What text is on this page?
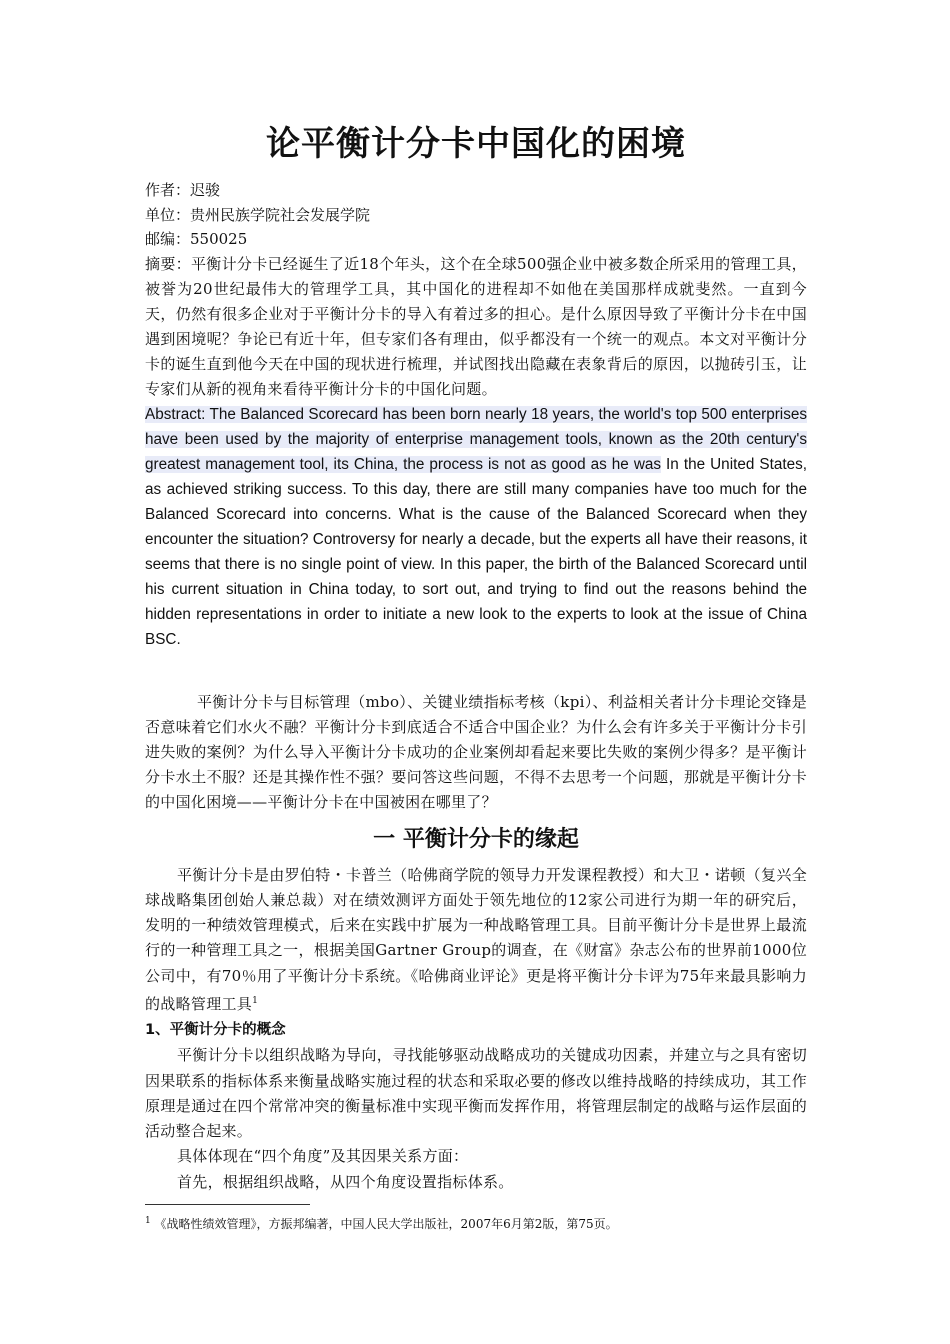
论平衡计分卡中国化的困境

作者：迟骏

单位：贵州民族学院社会发展学院

邮编：550025

摘要：平衡计分卡已经诞生了近18个年头，这个在全球500强企业中被多数企所采用的管理工具，被誉为20世纪最伟大的管理学工具，其中国化的进程却不如他在美国那样成就斐然。一直到今天，仍然有很多企业对于平衡计分卡的导入有着过多的担心。是什么原因导致了平衡计分卡在中国遇到困境呢？争论已有近十年，但专家们各有理由，似乎都没有一个统一的观点。本文对平衡计分卡的诞生直到他今天在中国的现状进行梳理，并试图找出隐藏在表象背后的原因，以抛砖引玉，让专家们从新的视角来看待平衡计分卡的中国化问题。

Abstract: The Balanced Scorecard has been born nearly 18 years, the world's top 500 enterprises have been used by the majority of enterprise management tools, known as the 20th century's greatest management tool, its China, the process is not as good as he was In the United States, as achieved striking success. To this day, there are still many companies have too much for the Balanced Scorecard into concerns. What is the cause of the Balanced Scorecard when they encounter the situation? Controversy for nearly a decade, but the experts all have their reasons, it seems that there is no single point of view. In this paper, the birth of the Balanced Scorecard until his current situation in China today, to sort out, and trying to find out the reasons behind the hidden representations in order to initiate a new look to the experts to look at the issue of China BSC.

平衡计分卡与目标管理（mbo）、关键业绩指标考核（kpi）、利益相关者计分卡理论交锋是否意味着它们水火不融？平衡计分卡到底适合不适合中国企业？为什么会有许多关于平衡计分卡引进失败的案例？为什么导入平衡计分卡成功的企业案例却看起来要比失败的案例少得多？是平衡计分卡水土不服？还是其操作性不强？要问答这些问题，不得不去思考一个问题，那就是平衡计分卡的中国化困境——平衡计分卡在中国被困在哪里了？

一 平衡计分卡的缘起

平衡计分卡是由罗伯特・卡普兰（哈佛商学院的领导力开发课程教授）和大卫・诺顿（复兴全球战略集团创始人兼总裁）对在绩效测评方面处于领先地位的12家公司进行为期一年的研究后，发明的一种绩效管理模式，后来在实践中扩展为一种战略管理工具。目前平衡计分卡是世界上最流行的一种管理工具之一，根据美国Gartner Group的调查，在《财富》杂志公布的世界前1000位公司中，有70％用了平衡计分卡系统。《哈佛商业评论》更是将平衡计分卡评为75年来最具影响力的战略管理工具$^1$

1、平衡计分卡的概念

平衡计分卡以组织战略为导向，寻找能够驱动战略成功的关键成功因素，并建立与之具有密切因果联系的指标体系来衡量战略实施过程的状态和采取必要的修改以维持战略的持续成功，其工作原理是通过在四个常常冲突的衡量标准中实现平衡而发挥作用，将管理层制定的战略与运作层面的活动整合起来。

具体体现在“四个角度”及其因果关系方面：

首先，根据组织战略，从四个角度设置指标体系。

$^1$ 《战略性绩效管理》，方振邦编著，中国人民大学出版社，2007年6月第2版，第75页。
